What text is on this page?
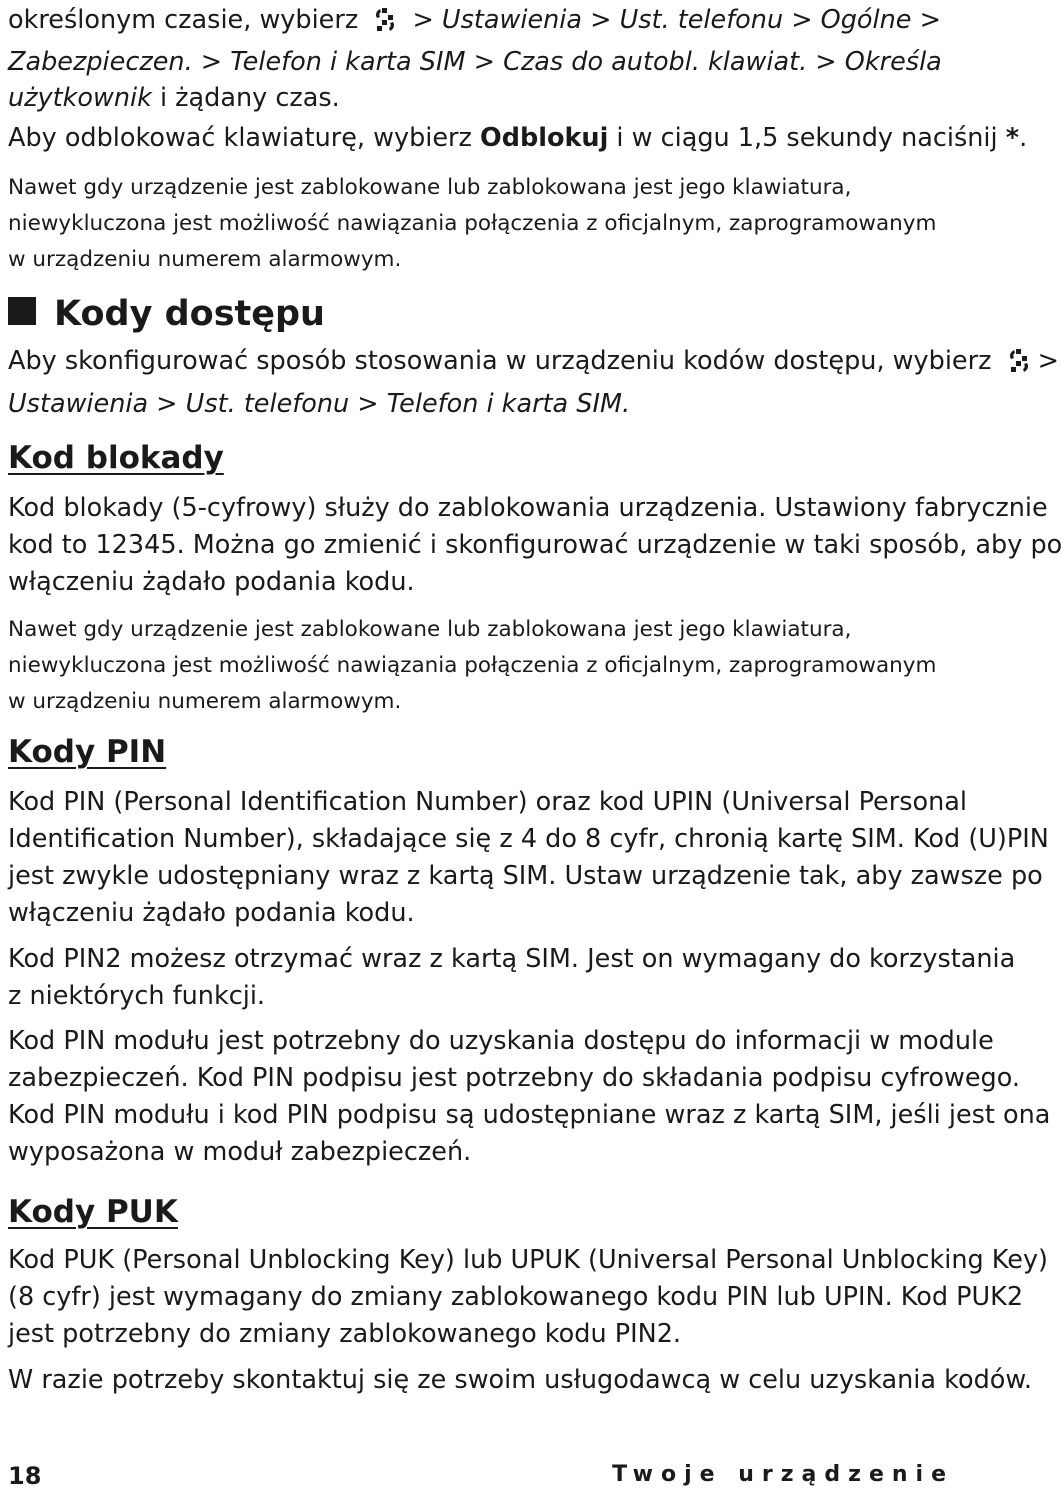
określonym czasie, wybierz > Ustawienia > Ust. telefonu > Ogólne >
Zabezpieczen. > Telefon i karta SIM > Czas do autobl. klawiat. > Określa
użytkownik i żądany czas.
Aby odblokować klawiaturę, wybierz Odblokuj i w ciągu 1,5 sekundy naciśnij *.
Nawet gdy urządzenie jest zablokowane lub zablokowana jest jego klawiatura,
niewykluczona jest możliwość nawiązania połączenia z oficjalnym, zaprogramowanym
w urządzeniu numerem alarmowym.
Kody dostępu
Aby skonfigurować sposób stosowania w urządzeniu kodów dostępu, wybierz >
Ustawienia > Ust. telefonu > Telefon i karta SIM.
Kod blokady
Kod blokady (5-cyfrowy) służy do zablokowania urządzenia. Ustawiony fabrycznie
kod to 12345. Można go zmienić i skonfigurować urządzenie w taki sposób, aby po
włączeniu żądało podania kodu.
Nawet gdy urządzenie jest zablokowane lub zablokowana jest jego klawiatura,
niewykluczona jest możliwość nawiązania połączenia z oficjalnym, zaprogramowanym
w urządzeniu numerem alarmowym.
Kody PIN
Kod PIN (Personal Identification Number) oraz kod UPIN (Universal Personal
Identification Number), składające się z 4 do 8 cyfr, chronią kartę SIM. Kod (U)PIN
jest zwykle udostępniany wraz z kartą SIM. Ustaw urządzenie tak, aby zawsze po
włączeniu żądało podania kodu.
Kod PIN2 możesz otrzymać wraz z kartą SIM. Jest on wymagany do korzystania
z niektórych funkcji.
Kod PIN modułu jest potrzebny do uzyskania dostępu do informacji w module
zabezpieczeń. Kod PIN podpisu jest potrzebny do składania podpisu cyfrowego.
Kod PIN modułu i kod PIN podpisu są udostępniane wraz z kartą SIM, jeśli jest ona
wyposażona w moduł zabezpieczeń.
Kody PUK
Kod PUK (Personal Unblocking Key) lub UPUK (Universal Personal Unblocking Key)
(8 cyfr) jest wymagany do zmiany zablokowanego kodu PIN lub UPIN. Kod PUK2
jest potrzebny do zmiany zablokowanego kodu PIN2.
W razie potrzeby skontaktuj się ze swoim usługodawcą w celu uzyskania kodów.
18	Twoje urządzenie
